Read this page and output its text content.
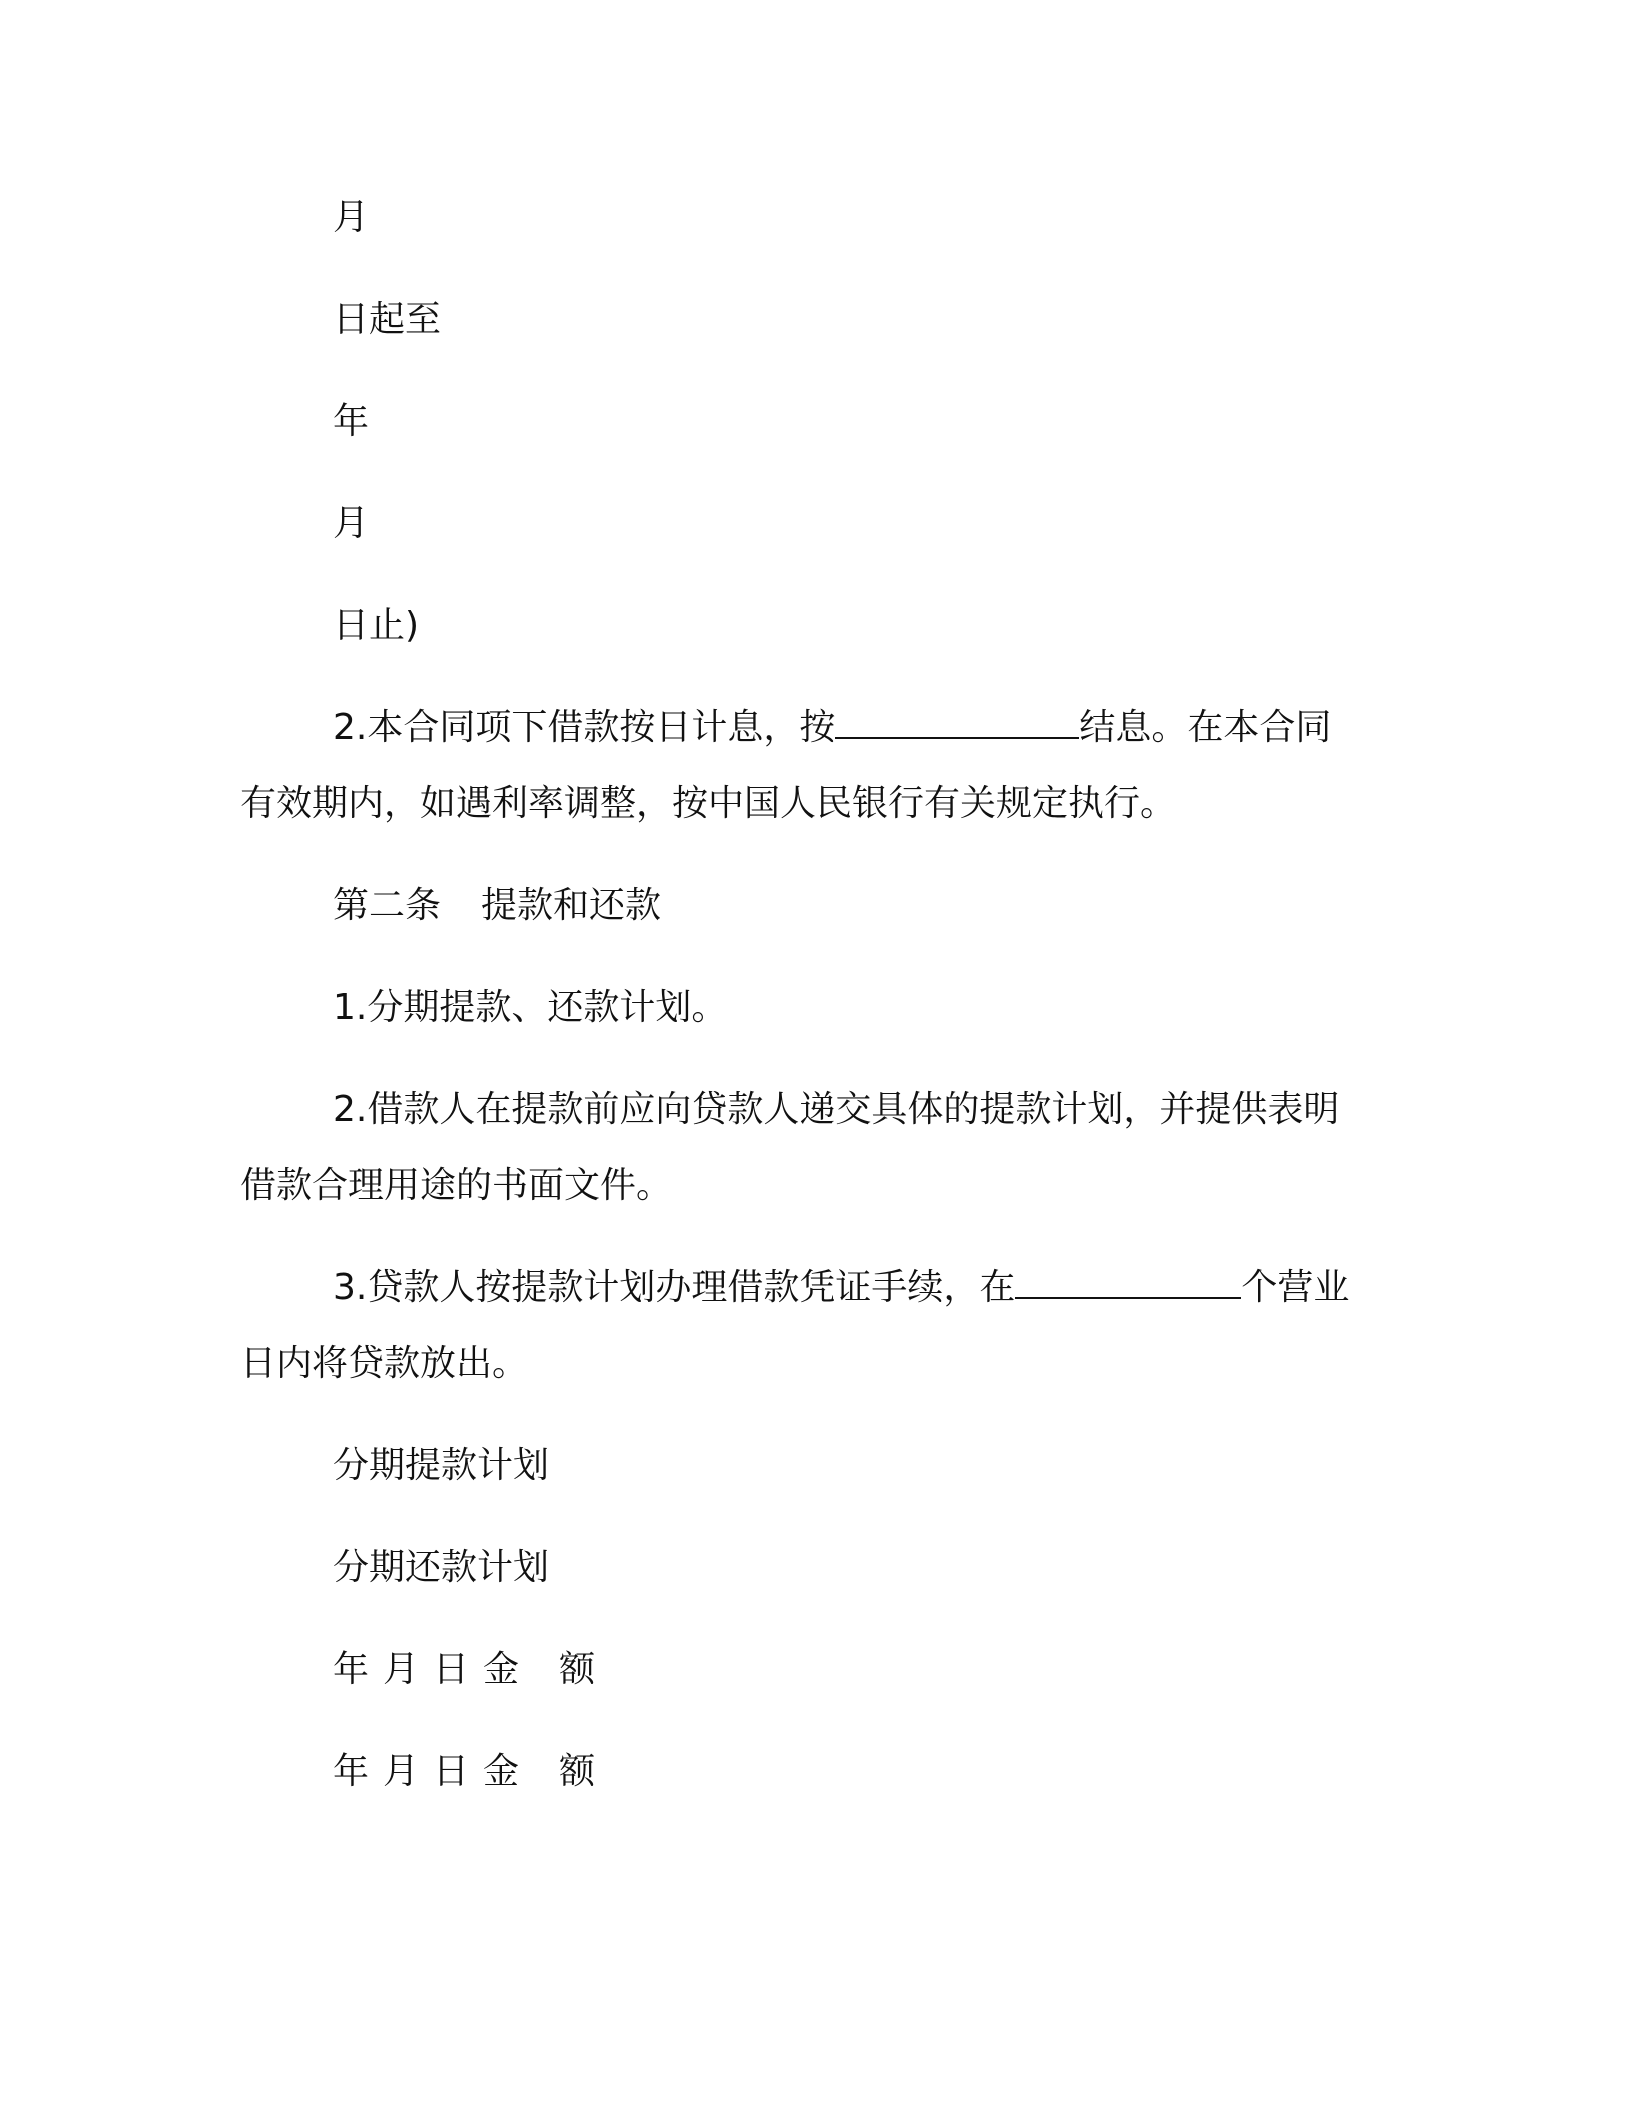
月
日起至
年
月
日止)
2.本合同项下借款按日计息，按	结息。在本合同
有效期内，如遇利率调整，按中国人民银行有关规定执行。
第二条 提款和还款
1.分期提款、还款计划。
2.借款人在提款前应向贷款人递交具体的提款计划，并提供表明
借款合理用途的书面文件。
3.贷款人按提款计划办理借款凭证手续，在	个营业
日内将贷款放出。
分期提款计划
分期还款计划
年 月 日 金 额
年 月 日 金 额
